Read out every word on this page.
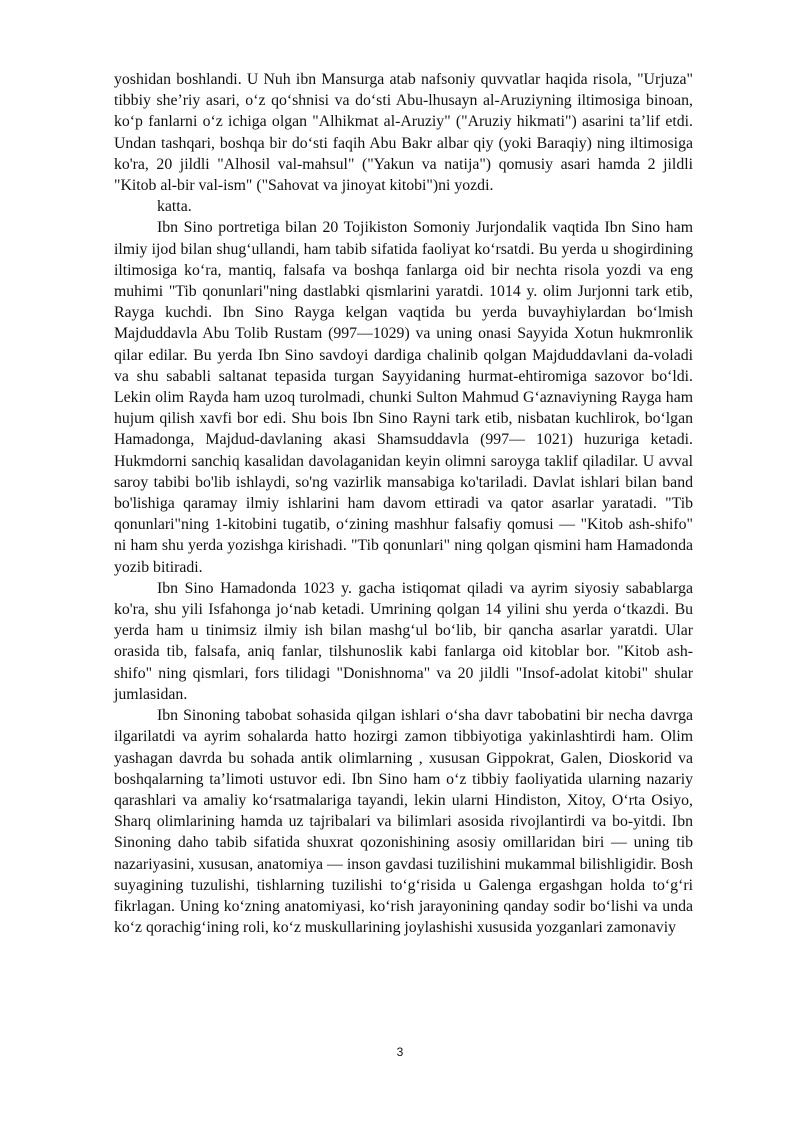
yoshidan boshlandi. U Nuh ibn Mansurga atab nafsoniy quvvatlar haqida risola, "Urjuza" tibbiy she’riy asari, o‘z qo‘shnisi va do‘sti Abu-lhusayn al-Aruziyning iltimosiga binoan, ko‘p fanlarni o‘z ichiga olgan "Alhikmat al-Aruziy" ("Aruziy hikmati") asarini ta’lif etdi. Undan tashqari, boshqa bir do‘sti faqih Abu Bakr albar qiy (yoki Baraqiy) ning iltimosiga ko'ra, 20 jildli "Alhosil val-mahsul" ("Yakun va natija") qomusiy asari hamda 2 jildli "Kitob al-bir val-ism" ("Sahovat va jinoyat kitobi")ni yozdi.

katta.

Ibn Sino portretiga bilan 20 Tojikiston Somoniy Jurjondalik vaqtida Ibn Sino ham ilmiy ijod bilan shug‘ullandi, ham tabib sifatida faoliyat ko‘rsatdi. Bu yerda u shogirdining iltimosiga ko‘ra, mantiq, falsafa va boshqa fanlarga oid bir nechta risola yozdi va eng muhimi "Tib qonunlari"ning dastlabki qismlarini yaratdi. 1014 y. olim Jurjonni tark etib, Rayga kuchdi. Ibn Sino Rayga kelgan vaqtida bu yerda buvayhiylardan bo‘lmish Majduddavla Abu Tolib Rustam (997—1029) va uning onasi Sayyida Xotun hukmronlik qilar edilar. Bu yerda Ibn Sino savdoyi dardiga chalinib qolgan Majduddavlani da-voladi va shu sababli saltanat tepasida turgan Sayyidaning hurmat-ehtiromiga sazovor bo‘ldi. Lekin olim Rayda ham uzoq turolmadi, chunki Sulton Mahmud G‘aznaviyning Rayga ham hujum qilish xavfi bor edi. Shu bois Ibn Sino Rayni tark etib, nisbatan kuchlirok, bo‘lgan Hamadonga, Majdud-davlaning akasi Shamsuddavla (997— 1021) huzuriga ketadi. Hukmdorni sanchiq kasalidan davolaganidan keyin olimni saroyga taklif qiladilar. U avval saroy tabibi bo'lib ishlaydi, so'ng vazirlik mansabiga ko'tariladi. Davlat ishlari bilan band bo'lishiga qaramay ilmiy ishlarini ham davom ettiradi va qator asarlar yaratadi. "Tib qonunlari"ning 1-kitobini tugatib, o‘zining mashhur falsafiy qomusi — "Kitob ash-shifo" ni ham shu yerda yozishga kirishadi. "Tib qonunlari" ning qolgan qismini ham Hamadonda yozib bitiradi.

Ibn Sino Hamadonda 1023 y. gacha istiqomat qiladi va ayrim siyosiy sabablarga ko'ra, shu yili Isfahonga jo‘nab ketadi. Umrining qolgan 14 yilini shu yerda o‘tkazdi. Bu yerda ham u tinimsiz ilmiy ish bilan mashg‘ul bo‘lib, bir qancha asarlar yaratdi. Ular orasida tib, falsafa, aniq fanlar, tilshunoslik kabi fanlarga oid kitoblar bor. "Kitob ash-shifo" ning qismlari, fors tilidagi "Donishnoma" va 20 jildli "Insof-adolat kitobi" shular jumlasidan.

Ibn Sinoning tabobat sohasida qilgan ishlari o‘sha davr tabobatini bir necha davrga ilgarilatdi va ayrim sohalarda hatto hozirgi zamon tibbiyotiga yakinlashtirdi ham. Olim yashagan davrda bu sohada antik olimlarning , xususan Gippokrat, Galen, Dioskorid va boshqalarning ta’limoti ustuvor edi. Ibn Sino ham o‘z tibbiy faoliyatida ularning nazariy qarashlari va amaliy ko‘rsatmalariga tayandi, lekin ularni Hindiston, Xitoy, O‘rta Osiyo, Sharq olimlarining hamda uz tajribalari va bilimlari asosida rivojlantirdi va bo-yitdi. Ibn Sinoning daho tabib sifatida shuxrat qozonishining asosiy omillaridan biri — uning tib nazariyasini, xususan, anatomiya — inson gavdasi tuzilishini mukammal bilishligidir. Bosh suyagining tuzulishi, tishlarning tuzilishi to‘g‘risida u Galenga ergashgan holda to‘g‘ri fikrlagan. Uning ko‘zning anatomiyasi, ko‘rish jarayonining qanday sodir bo‘lishi va unda ko‘z qorachig‘ining roli, ko‘z muskullarining joylashishi xususida yozganlari zamonaviy

3
